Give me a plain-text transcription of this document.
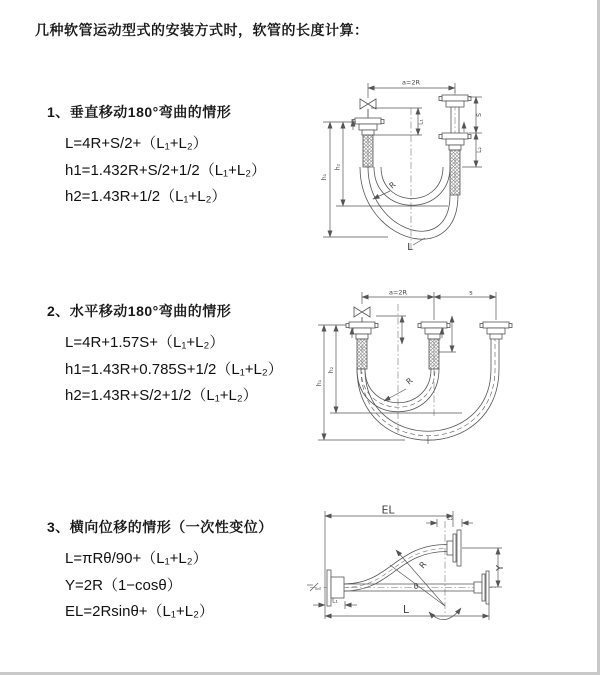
几种软管运动型式的安装方式时，软管的长度计算：
1、垂直移动180°弯曲的情形
L=4R+S/2+（L₁+L₂）
h1=1.432R+S/2+1/2（L₁+L₂）
h2=1.43R+1/2（L₁+L₂）
2、水平移动180°弯曲的情形
L=4R+1.57S+（L₁+L₂）
h1=1.43R+0.785S+1/2（L₁+L₂）
h2=1.43R+S/2+1/2（L₁+L₂）
3、横向位移的情形（一次性变位）
L=πRθ/90+（L₁+L₂）
Y=2R（1−cosθ）
EL=2Rsinθ+（L₁+L₂）
a=2R
h₁
h₂
S
L₂
L₁
R
L
a=2R	s
h₁
h₂
R
EL
L₂
Y
L
L₁
R
θ
